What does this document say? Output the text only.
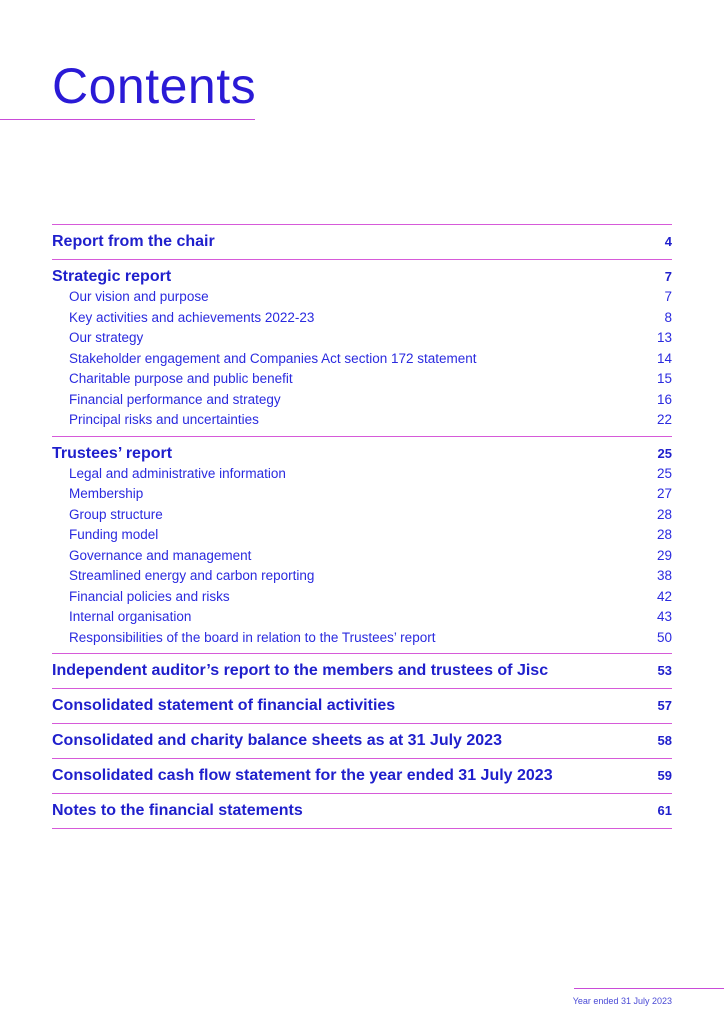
Contents
Report from the chair	4
Strategic report	7
Our vision and purpose	7
Key activities and achievements 2022-23	8
Our strategy	13
Stakeholder engagement and Companies Act section 172 statement	14
Charitable purpose and public benefit	15
Financial performance and strategy	16
Principal risks and uncertainties	22
Trustees’ report	25
Legal and administrative information	25
Membership	27
Group structure	28
Funding model	28
Governance and management	29
Streamlined energy and carbon reporting	38
Financial policies and risks	42
Internal organisation	43
Responsibilities of the board in relation to the Trustees’ report	50
Independent auditor’s report to the members and trustees of Jisc	53
Consolidated statement of financial activities	57
Consolidated and charity balance sheets as at 31 July 2023	58
Consolidated cash flow statement for the year ended 31 July 2023	59
Notes to the financial statements	61
Year ended 31 July 2023
